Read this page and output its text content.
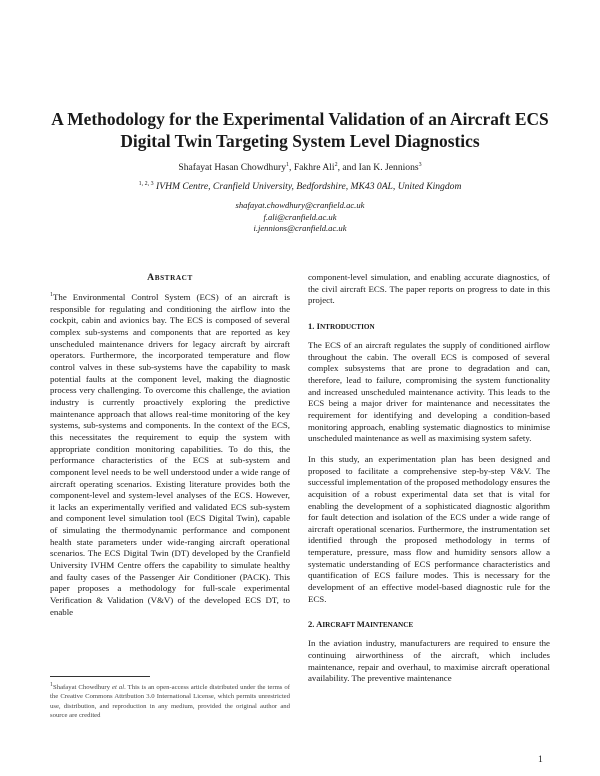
A Methodology for the Experimental Validation of an Aircraft ECS
Digital Twin Targeting System Level Diagnostics
Shafayat Hasan Chowdhury$^1$, Fakhre Ali$^2$, and Ian K. Jennions$^3$
$^{1, 2, 3}$ IVHM Centre, Cranfield University, Bedfordshire, MK43 0AL, United Kingdom
shafayat.chowdhury@cranfield.ac.uk
f.ali@cranfield.ac.uk
i.jennions@cranfield.ac.uk
ABSTRACT

$^1$The Environmental Control System (ECS) of an aircraft is responsible for regulating and conditioning the airflow into the cockpit, cabin and avionics bay. The ECS is composed of several complex sub-systems and components that are reported as key unscheduled maintenance drivers for legacy aircraft by aircraft operators. Furthermore, the incorporated temperature and flow control valves in these sub-systems have the capability to mask potential faults at the component level, making the diagnostic process very challenging. To overcome this challenge, the aviation industry is currently proactively exploring the predictive maintenance approach that allows real-time monitoring of the key systems, sub-systems and components. In the context of the ECS, this necessitates the requirement to equip the system with appropriate condition monitoring capabilities. To do this, the performance characteristics of the ECS at sub-system and component level needs to be well understood under a wide range of aircraft operating scenarios. Existing literature provides both the component-level and system-level analyses of the ECS. However, it lacks an experimentally verified and validated ECS sub-system and component level simulation tool (ECS Digital Twin), capable of simulating the thermodynamic performance and component health state parameters under wide-ranging aircraft operational scenarios. The ECS Digital Twin (DT) developed by the Cranfield University IVHM Centre offers the capability to simulate healthy and faulty cases of the Passenger Air Conditioner (PACK). This paper proposes a methodology for full-scale experimental Verification & Validation (V&V) of the developed ECS DT, to enable

$^1$Shafayat Chowdhury et al. This is an open-access article distributed under the terms of the Creative Commons Attribution 3.0 International License, which permits unrestricted use, distribution, and reproduction in any medium, provided the original author and source are credited

component-level simulation, and enabling accurate diagnostics, of the civil aircraft ECS. The paper reports on progress to date in this project.

1. INTRODUCTION

The ECS of an aircraft regulates the supply of conditioned airflow throughout the cabin. The overall ECS is composed of several complex subsystems that are prone to degradation and can, therefore, lead to failure, compromising the system functionality and increased unscheduled maintenance activity. This leads to the ECS being a major driver for maintenance and necessitates the requirement for identifying and developing a condition-based monitoring approach, enabling systematic diagnostics to minimise unscheduled maintenance as well as maximising system safety.

In this study, an experimentation plan has been designed and proposed to facilitate a comprehensive step-by-step V&V. The successful implementation of the proposed methodology ensures the acquisition of a robust experimental data set that is vital for enabling the development of a sophisticated diagnostic algorithm for fault detection and isolation of the ECS under a wide range of aircraft operational scenarios. Furthermore, the instrumentation set identified through the proposed methodology in terms of temperature, pressure, mass flow and humidity sensors allow a systematic understanding of ECS performance characteristics and quantification of ECS failure modes. This is necessary for the development of an effective model-based diagnostic rule for the ECS.

2. AIRCRAFT MAINTENANCE

In the aviation industry, manufacturers are required to ensure the continuing airworthiness of the aircraft, which includes maintenance, repair and overhaul, to maximise aircraft operational availability. The preventive maintenance

1
